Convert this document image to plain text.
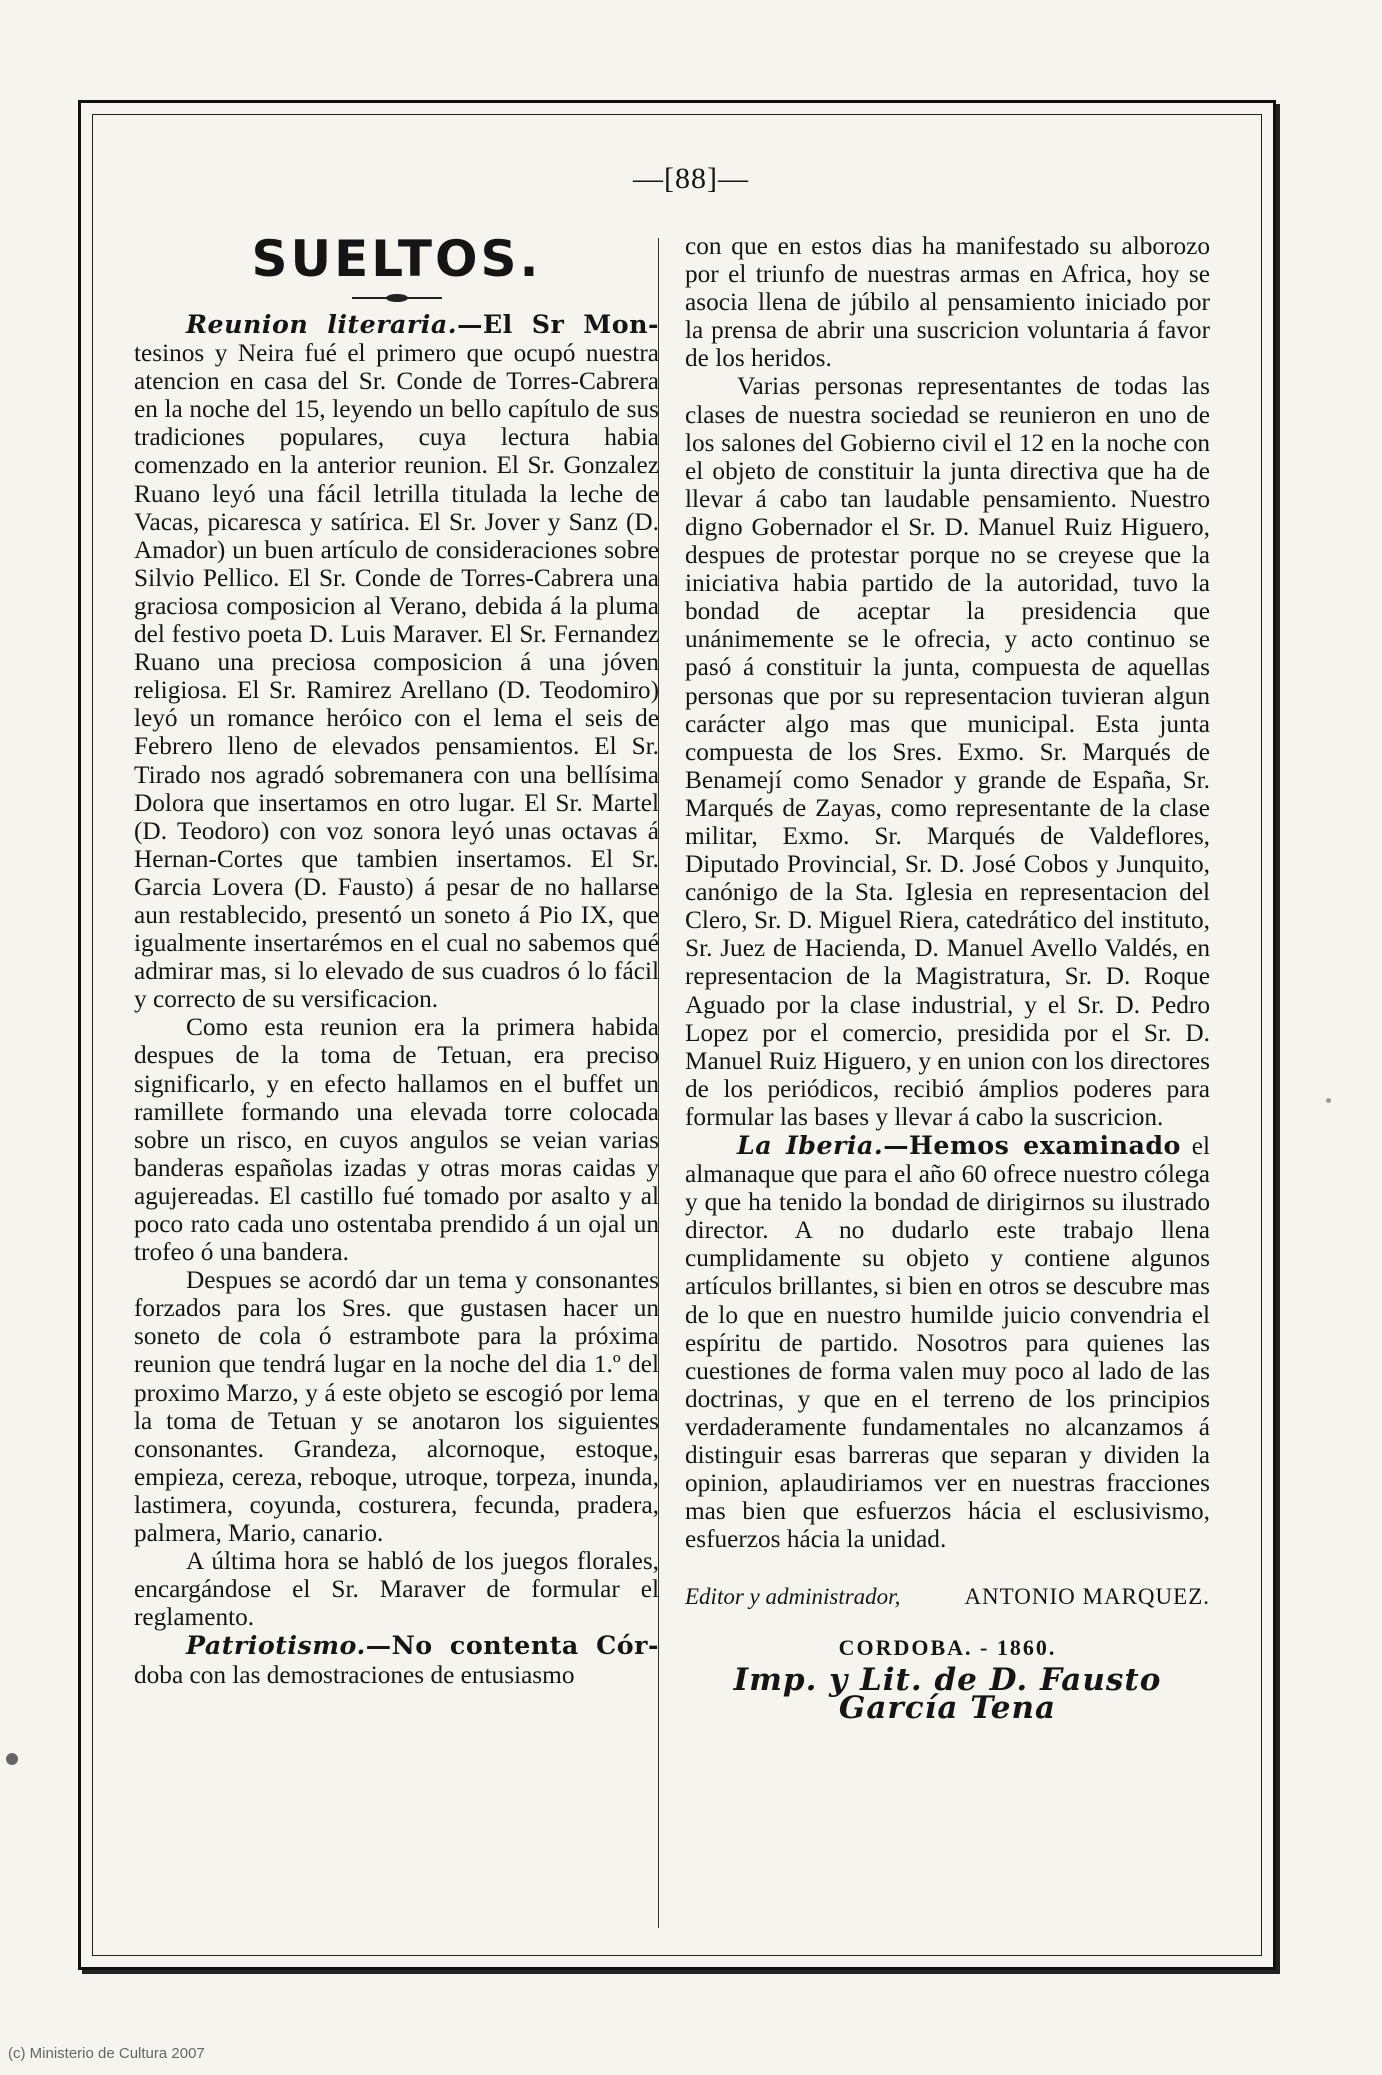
—[88]—
SUELTOS.

Reunion literaria.—El Sr Mon- tesinos y Neira fué el primero que ocupó nuestra atencion en casa del Sr. Conde de Torres-Cabrera en la noche del 15, leyendo un bello capítulo de sus tradiciones populares, cuya lectura habia comenzado en la anterior reunion. El Sr. Gonzalez Ruano leyó una fácil letrilla titulada la leche de Vacas, picaresca y satírica. El Sr. Jover y Sanz (D. Amador) un buen artículo de consideraciones sobre Silvio Pellico. El Sr. Conde de Torres-Cabrera una graciosa composicion al Verano, debida á la pluma del festivo poeta D. Luis Maraver. El Sr. Fernandez Ruano una preciosa composicion á una jóven religiosa. El Sr. Ramirez Arellano (D. Teodomiro) leyó un romance heróico con el lema el seis de Febrero lleno de elevados pensamientos. El Sr. Tirado nos agradó sobremanera con una bellísima Dolora que insertamos en otro lugar. El Sr. Martel (D. Teodoro) con voz sonora leyó unas octavas á Hernan-Cortes que tambien insertamos. El Sr. Garcia Lovera (D. Fausto) á pesar de no hallarse aun restablecido, presentó un soneto á Pio IX, que igualmente insertarémos en el cual no sabemos qué admirar mas, si lo elevado de sus cuadros ó lo fácil y correcto de su versificacion.

Como esta reunion era la primera habida despues de la toma de Tetuan, era preciso significarlo, y en efecto hallamos en el buffet un ramillete formando una elevada torre colocada sobre un risco, en cuyos angulos se veian varias banderas españolas izadas y otras moras caidas y agujereadas. El castillo fué tomado por asalto y al poco rato cada uno ostentaba prendido á un ojal un trofeo ó una bandera.

Despues se acordó dar un tema y consonantes forzados para los Sres. que gustasen hacer un soneto de cola ó estrambote para la próxima reunion que tendrá lugar en la noche del dia 1.º del proximo Marzo, y á este objeto se escogió por lema la toma de Tetuan y se anotaron los siguientes consonantes. Grandeza, alcornoque, estoque, empieza, cereza, reboque, utroque, torpeza, inunda, lastimera, coyunda, costurera, fecunda, pradera, palmera, Mario, canario.

A última hora se habló de los juegos florales, encargándose el Sr. Maraver de formular el reglamento.

Patriotismo.—No contenta Cór- doba con las demostraciones de entusiasmo

con que en estos dias ha manifestado su alborozo por el triunfo de nuestras armas en Africa, hoy se asocia llena de júbilo al pensamiento iniciado por la prensa de abrir una suscricion voluntaria á favor de los heridos.

Varias personas representantes de todas las clases de nuestra sociedad se reunieron en uno de los salones del Gobierno civil el 12 en la noche con el objeto de constituir la junta directiva que ha de llevar á cabo tan laudable pensamiento. Nuestro digno Gobernador el Sr. D. Manuel Ruiz Higuero, despues de protestar porque no se creyese que la iniciativa habia partido de la autoridad, tuvo la bondad de aceptar la presidencia que unánimemente se le ofrecia, y acto continuo se pasó á constituir la junta, compuesta de aquellas personas que por su representacion tuvieran algun carácter algo mas que municipal. Esta junta compuesta de los Sres. Exmo. Sr. Marqués de Benamejí como Senador y grande de España, Sr. Marqués de Zayas, como representante de la clase militar, Exmo. Sr. Marqués de Valdeflores, Diputado Provincial, Sr. D. José Cobos y Junquito, canónigo de la Sta. Iglesia en representacion del Clero, Sr. D. Miguel Riera, catedrático del instituto, Sr. Juez de Hacienda, D. Manuel Avello Valdés, en representacion de la Magistratura, Sr. D. Roque Aguado por la clase industrial, y el Sr. D. Pedro Lopez por el comercio, presidida por el Sr. D. Manuel Ruiz Higuero, y en union con los directores de los periódicos, recibió ámplios poderes para formular las bases y llevar á cabo la suscricion.

La Iberia.—Hemos examinado el almanaque que para el año 60 ofrece nuestro cólega y que ha tenido la bondad de dirigirnos su ilustrado director. A no dudarlo este trabajo llena cumplidamente su objeto y contiene algunos artículos brillantes, si bien en otros se descubre mas de lo que en nuestro humilde juicio convendria el espíritu de partido. Nosotros para quienes las cuestiones de forma valen muy poco al lado de las doctrinas, y que en el terreno de los principios verdaderamente fundamentales no alcanzamos á distinguir esas barreras que separan y dividen la opinion, aplaudiriamos ver en nuestras fracciones mas bien que esfuerzos hácia el esclusivismo, esfuerzos hácia la unidad.

Editor y administrador,	ANTONIO MARQUEZ.
CORDOBA. - 1860.
Imp. y Lit. de D. Fausto García Tena
(c) Ministerio de Cultura 2007
